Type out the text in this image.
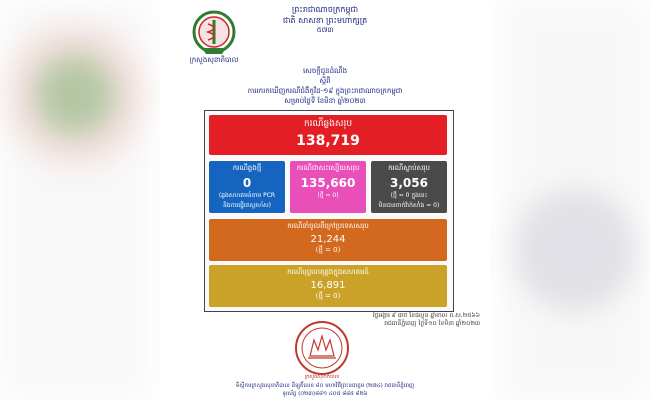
ព្រះរាជាណាចក្រកម្ពុជា
ជាតិ សាសនា ព្រះមហាក្សត្រ
៥៧៣
ក្រសួងសុខាភិបាល
សេចក្ដីជូនដំណឹង
ស្ដីពី
ការរករកឃើញករណីជំងឺកូវីដ-១៩ ក្នុងព្រះរាជាណាចក្រកម្ពុជា
សម្រាប់ថ្ងៃទី ខែមិនា ឆ្នាំ២០២៣
ករណីឆ្លងសរុប
138,719
ករណីឆ្លងថ្មី
0
(ឆ្លងសហគមន៍តាម PCR
និងការធ្វើតេស្ដរហ័ស)
ករណីជាសះស្បើយសរុប
135,660
(ថ្មី = 0)
ករណីស្លាប់សរុប
3,056
(ថ្មី = 0 ក្នុងនេះ
មិនបានចាក់វ៉ាក់សាំង = 0)
ករណីនាំចូលពីក្រៅប្រទេសសរុប
21,244
(ថ្មី = 0)
ករណីបុព្វហេតុឆ្លងក្នុងសហគមន៍
16,891
(ថ្មី = 0)
ថ្ងៃអង្គារ ៩ រោច ខែផល្គុន ឆ្នាំខាល ព.ស.២៥៦៦
រាជធានីភ្នំពេញ ថ្ងៃទី១០ ខែមិនា ឆ្នាំ២០២៣
ក្រសួងសុខាភិបាល
ទីស្ដីការក្រសួងសុខាភិបាល ដីឡូតិ៍លេខ ៨០ មហាវិថីព្រះនរោត្តម (២៧៤) រាជធានីភ្នំពេញ
ទូរស័ព្ទ (០២៣)៨៨១ ៤០៥ ៨៨៥ ៨២៦
